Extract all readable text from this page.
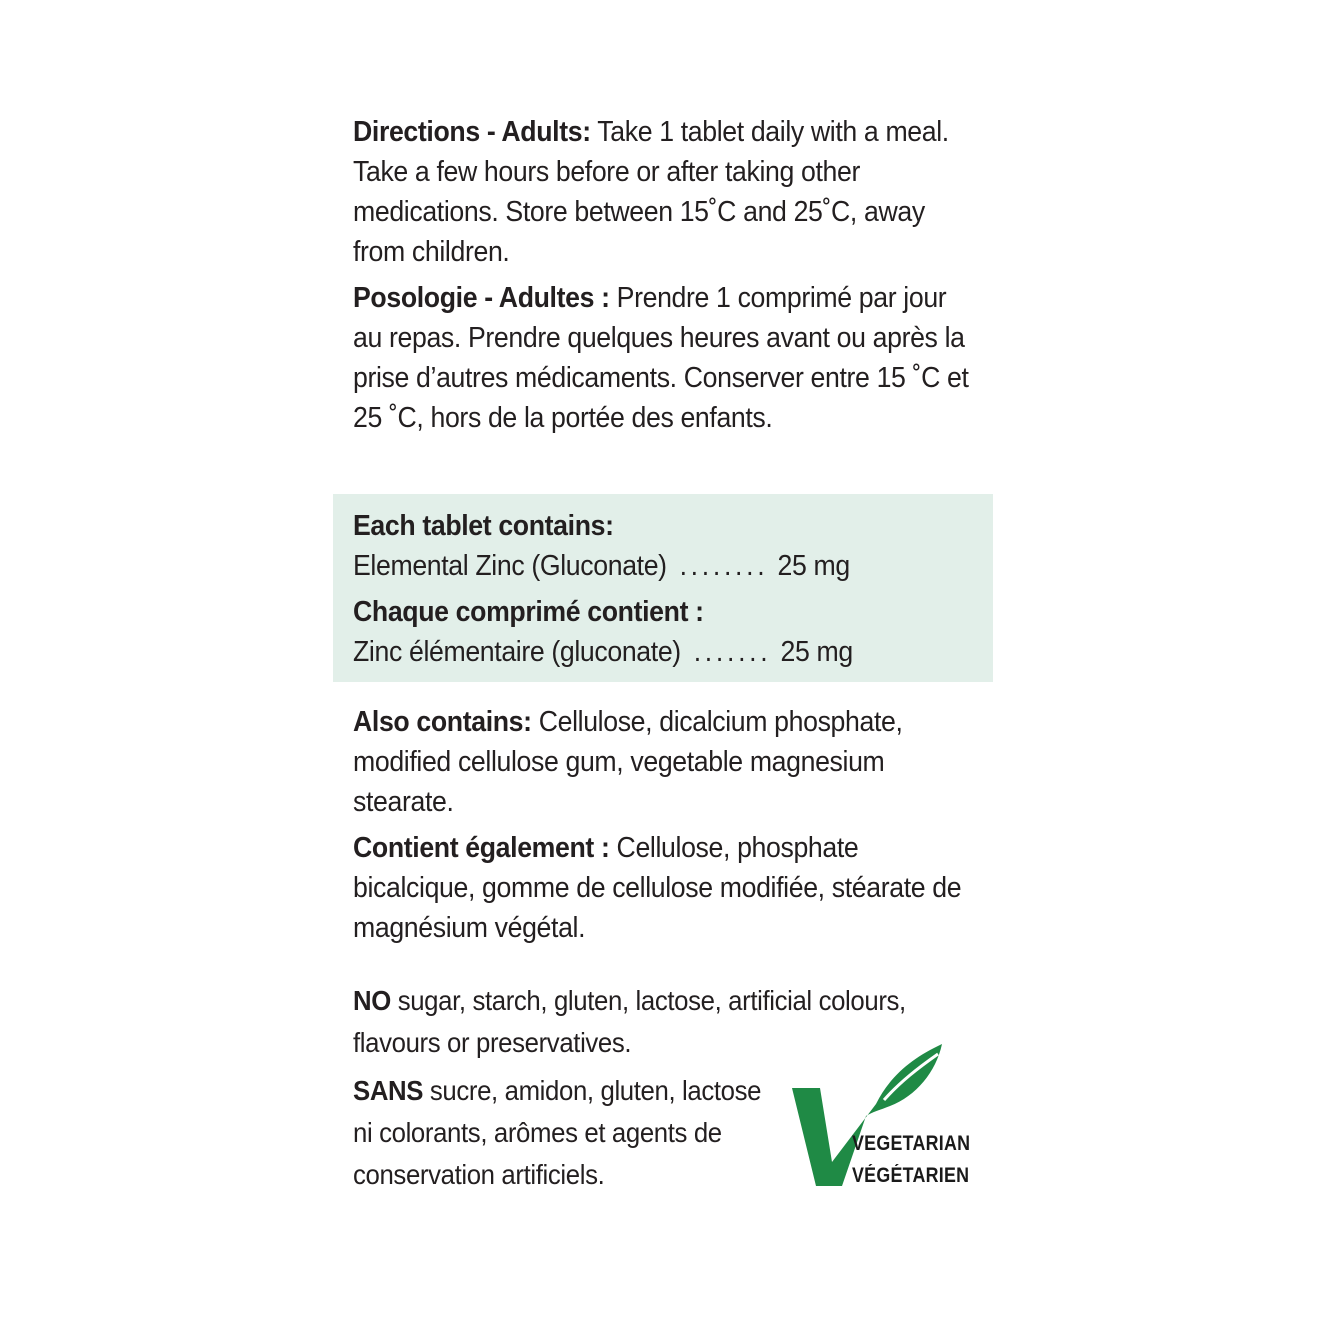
Directions - Adults: Take 1 tablet daily with a meal. Take a few hours before or after taking other medications. Store between 15˚C and 25˚C, away from children.
Posologie - Adultes : Prendre 1 comprimé par jour au repas. Prendre quelques heures avant ou après la prise d’autres médicaments. Conserver entre 15 ˚C et 25 ˚C, hors de la portée des enfants.
Each tablet contains:
Elemental Zinc (Gluconate) ........ 25 mg
Chaque comprimé contient :
Zinc élémentaire (gluconate) ....... 25 mg
Also contains: Cellulose, dicalcium phosphate, modified cellulose gum, vegetable magnesium stearate.
Contient également : Cellulose, phosphate bicalcique, gomme de cellulose modifiée, stéarate de magnésium végétal.
NO sugar, starch, gluten, lactose, artificial colours, flavours or preservatives.
SANS sucre, amidon, gluten, lactose ni colorants, arômes et agents de conservation artificiels.
VEGETARIAN
VÉGÉTARIEN
